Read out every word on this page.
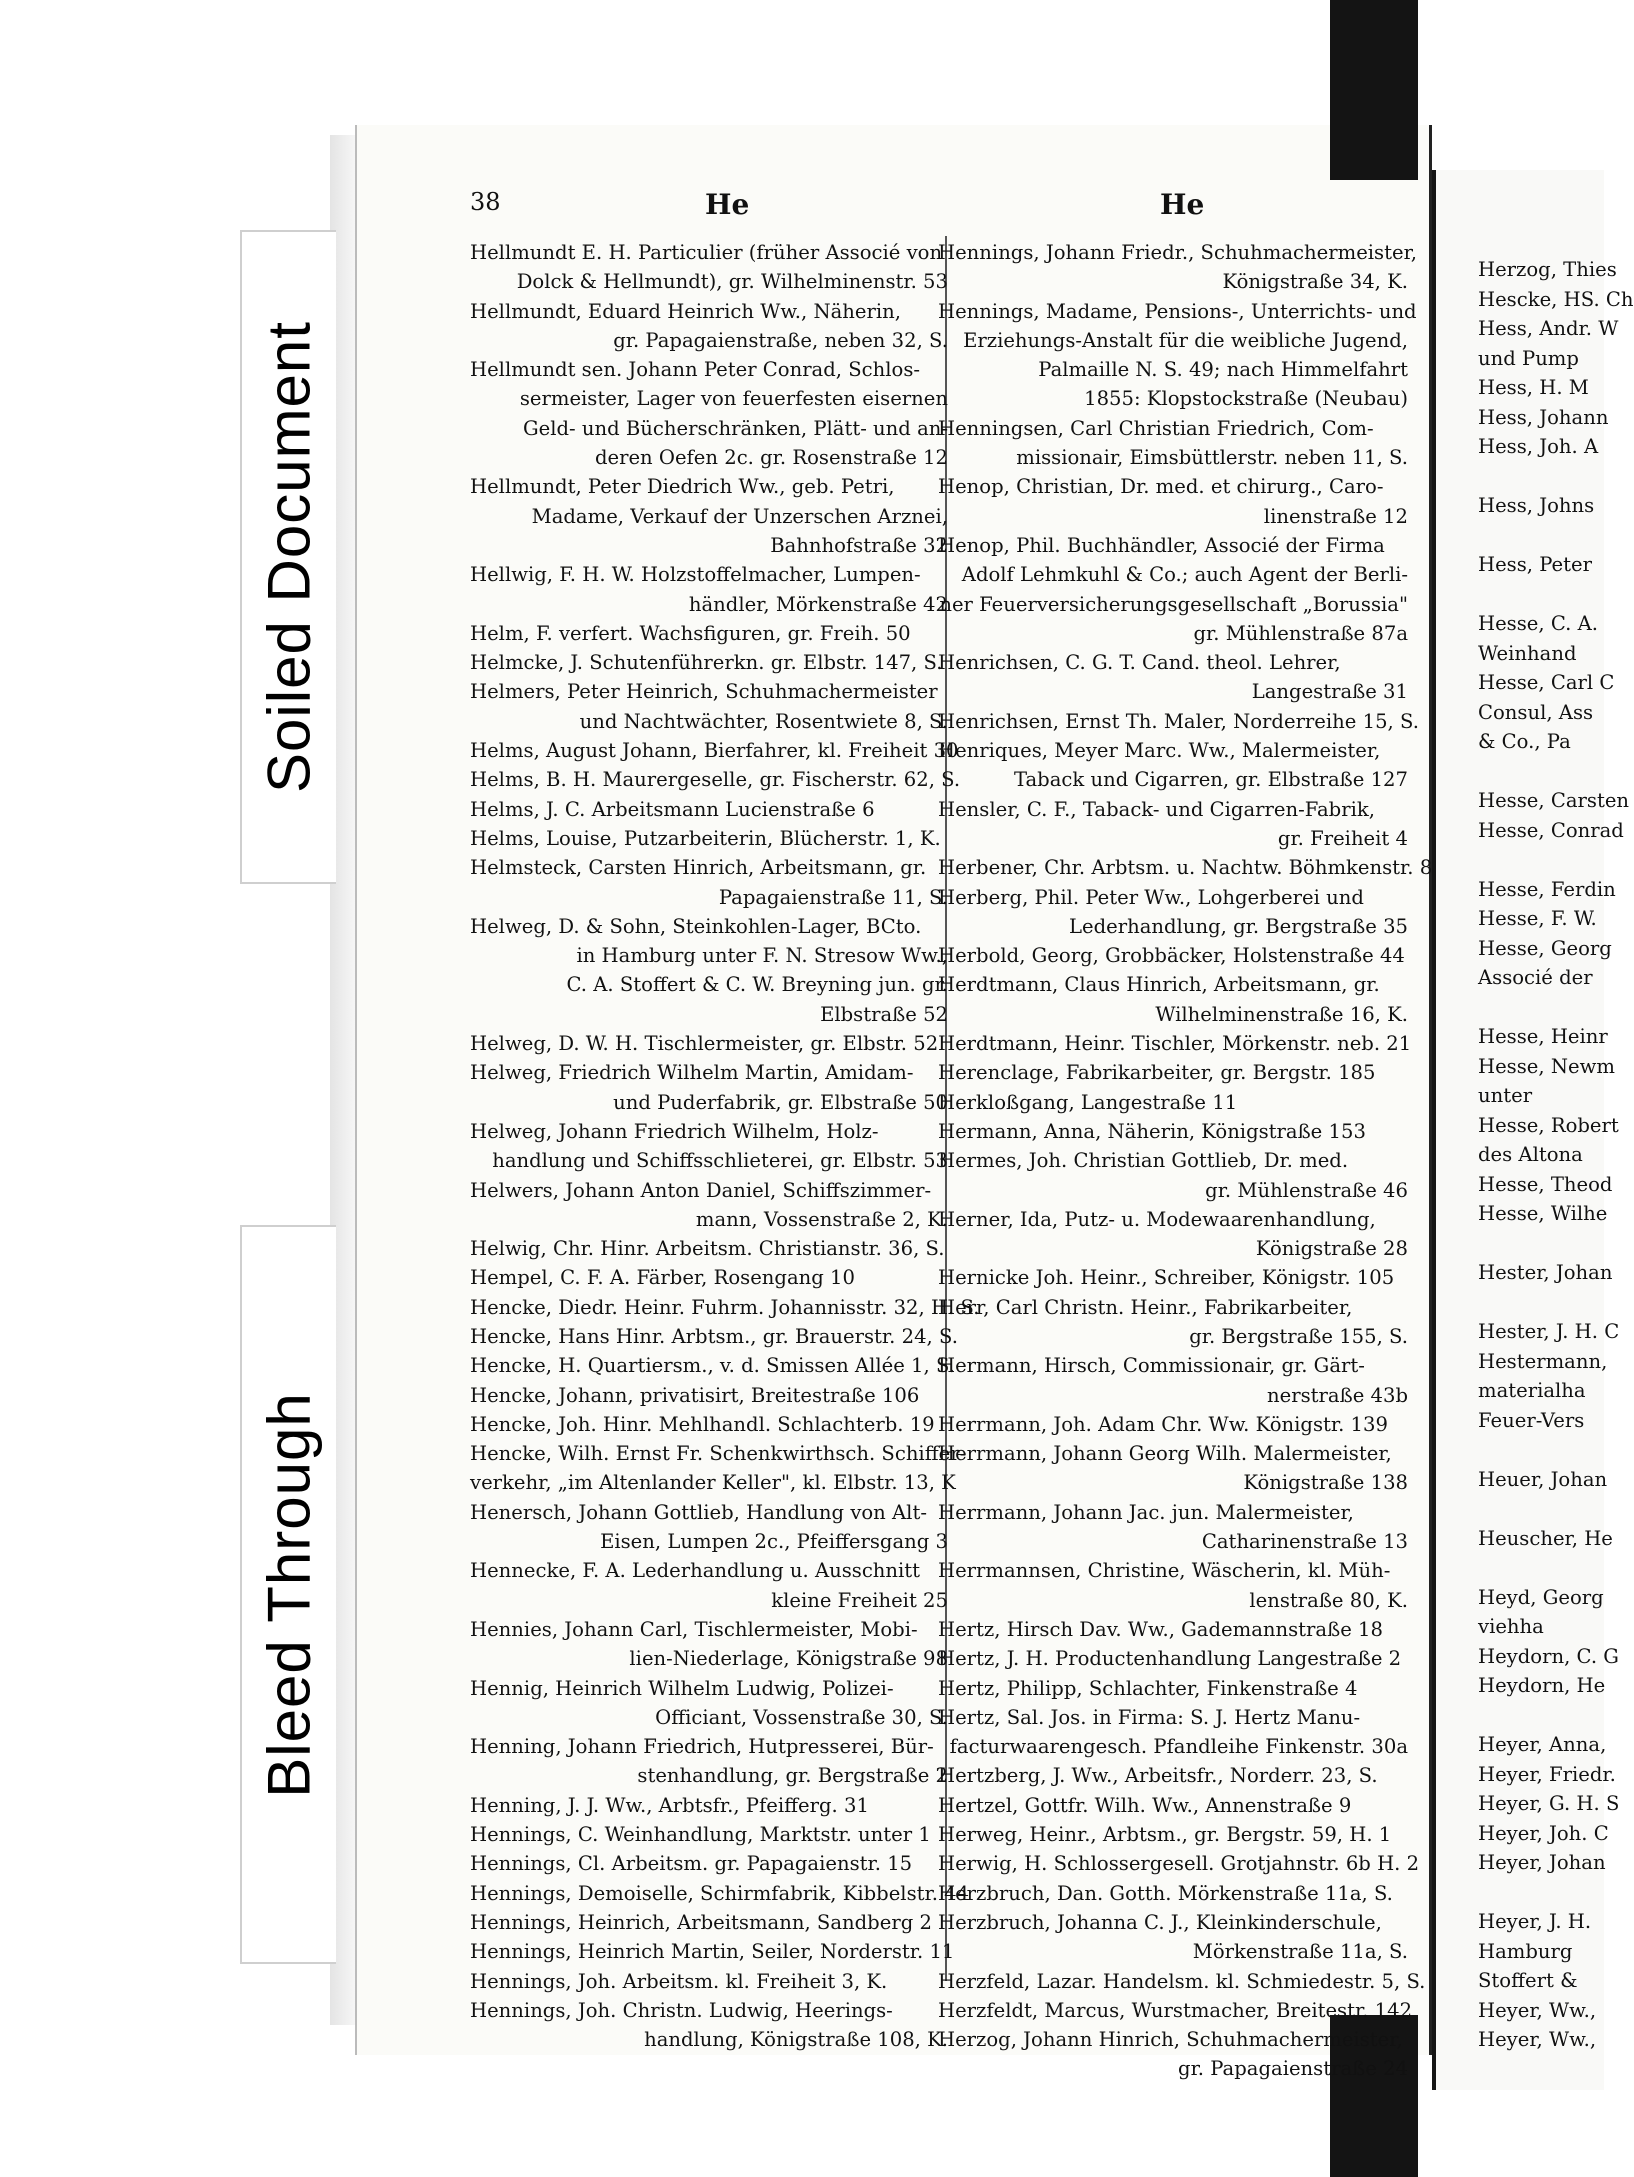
Soiled Document
Bleed Through
38	He	He
Hellmundt E. H. Particulier (früher Associé von
Dolck & Hellmundt), gr. Wilhelminenstr. 53
Hellmundt, Eduard Heinrich Ww., Näherin,
gr. Papagaienstraße, neben 32, S.
Hellmundt sen. Johann Peter Conrad, Schlos-
sermeister, Lager von feuerfesten eisernen
Geld- und Bücherschränken, Plätt- und an-
deren Oefen 2c. gr. Rosenstraße 12
Hellmundt, Peter Diedrich Ww., geb. Petri,
Madame, Verkauf der Unzerschen Arznei,
Bahnhofstraße 32
Hellwig, F. H. W. Holzstoffelmacher, Lumpen-
händler, Mörkenstraße 42
Helm, F. verfert. Wachsfiguren, gr. Freih. 50
Helmcke, J. Schutenführerkn. gr. Elbstr. 147, S.
Helmers, Peter Heinrich, Schuhmachermeister
und Nachtwächter, Rosentwiete 8, S.
Helms, August Johann, Bierfahrer, kl. Freiheit 30
Helms, B. H. Maurergeselle, gr. Fischerstr. 62, S.
Helms, J. C. Arbeitsmann Lucienstraße 6
Helms, Louise, Putzarbeiterin, Blücherstr. 1, K.
Helmsteck, Carsten Hinrich, Arbeitsmann, gr.
Papagaienstraße 11, S.
Helweg, D. & Sohn, Steinkohlen-Lager, BCto.
in Hamburg unter F. N. Stresow Ww.,
C. A. Stoffert & C. W. Breyning jun. gr.
Elbstraße 52
Helweg, D. W. H. Tischlermeister, gr. Elbstr. 52
Helweg, Friedrich Wilhelm Martin, Amidam-
und Puderfabrik, gr. Elbstraße 50
Helweg, Johann Friedrich Wilhelm, Holz-
handlung und Schiffsschlieterei, gr. Elbstr. 53
Helwers, Johann Anton Daniel, Schiffszimmer-
mann, Vossenstraße 2, K.
Helwig, Chr. Hinr. Arbeitsm. Christianstr. 36, S.
Hempel, C. F. A. Färber, Rosengang 10
Hencke, Diedr. Heinr. Fuhrm. Johannisstr. 32, H. S.
Hencke, Hans Hinr. Arbtsm., gr. Brauerstr. 24, S.
Hencke, H. Quartiersm., v. d. Smissen Allée 1, S.
Hencke, Johann, privatisirt, Breitestraße 106
Hencke, Joh. Hinr. Mehlhandl. Schlachterb. 19
Hencke, Wilh. Ernst Fr. Schenkwirthsch. Schiffer-
verkehr, „im Altenlander Keller", kl. Elbstr. 13, K
Henersch, Johann Gottlieb, Handlung von Alt-
Eisen, Lumpen 2c., Pfeiffersgang 3
Hennecke, F. A. Lederhandlung u. Ausschnitt
kleine Freiheit 25
Hennies, Johann Carl, Tischlermeister, Mobi-
lien-Niederlage, Königstraße 98
Hennig, Heinrich Wilhelm Ludwig, Polizei-
Officiant, Vossenstraße 30, S.
Henning, Johann Friedrich, Hutpresserei, Bür-
stenhandlung, gr. Bergstraße 2
Henning, J. J. Ww., Arbtsfr., Pfeifferg. 31
Hennings, C. Weinhandlung, Marktstr. unter 1
Hennings, Cl. Arbeitsm. gr. Papagaienstr. 15
Hennings, Demoiselle, Schirmfabrik, Kibbelstr. 44
Hennings, Heinrich, Arbeitsmann, Sandberg 2
Hennings, Heinrich Martin, Seiler, Norderstr. 11
Hennings, Joh. Arbeitsm. kl. Freiheit 3, K.
Hennings, Joh. Christn. Ludwig, Heerings-
handlung, Königstraße 108, K.
Hennings, Johann Friedr., Schuhmachermeister,
Königstraße 34, K.
Hennings, Madame, Pensions-, Unterrichts- und
Erziehungs-Anstalt für die weibliche Jugend,
Palmaille N. S. 49; nach Himmelfahrt
1855: Klopstockstraße (Neubau)
Henningsen, Carl Christian Friedrich, Com-
missionair, Eimsbüttlerstr. neben 11, S.
Henop, Christian, Dr. med. et chirurg., Caro-
linenstraße 12
Henop, Phil. Buchhändler, Associé der Firma
Adolf Lehmkuhl & Co.; auch Agent der Berli-
ner Feuerversicherungsgesellschaft „Borussia"
gr. Mühlenstraße 87a
Henrichsen, C. G. T. Cand. theol. Lehrer,
Langestraße 31
Henrichsen, Ernst Th. Maler, Norderreihe 15, S.
Henriques, Meyer Marc. Ww., Malermeister,
Taback und Cigarren, gr. Elbstraße 127
Hensler, C. F., Taback- und Cigarren-Fabrik,
gr. Freiheit 4
Herbener, Chr. Arbtsm. u. Nachtw. Böhmkenstr. 8
Herberg, Phil. Peter Ww., Lohgerberei und
Lederhandlung, gr. Bergstraße 35
Herbold, Georg, Grobbäcker, Holstenstraße 44
Herdtmann, Claus Hinrich, Arbeitsmann, gr.
Wilhelminenstraße 16, K.
Herdtmann, Heinr. Tischler, Mörkenstr. neb. 21
Herenclage, Fabrikarbeiter, gr. Bergstr. 185
Herkloßgang, Langestraße 11
Hermann, Anna, Näherin, Königstraße 153
Hermes, Joh. Christian Gottlieb, Dr. med.
gr. Mühlenstraße 46
Herner, Ida, Putz- u. Modewaarenhandlung,
Königstraße 28
Hernicke Joh. Heinr., Schreiber, Königstr. 105
Herr, Carl Christn. Heinr., Fabrikarbeiter,
gr. Bergstraße 155, S.
Hermann, Hirsch, Commissionair, gr. Gärt-
nerstraße 43b
Herrmann, Joh. Adam Chr. Ww. Königstr. 139
Herrmann, Johann Georg Wilh. Malermeister,
Königstraße 138
Herrmann, Johann Jac. jun. Malermeister,
Catharinenstraße 13
Herrmannsen, Christine, Wäscherin, kl. Müh-
lenstraße 80, K.
Hertz, Hirsch Dav. Ww., Gademannstraße 18
Hertz, J. H. Productenhandlung Langestraße 2
Hertz, Philipp, Schlachter, Finkenstraße 4
Hertz, Sal. Jos. in Firma: S. J. Hertz Manu-
facturwaarengesch. Pfandleihe Finkenstr. 30a
Hertzberg, J. Ww., Arbeitsfr., Norderr. 23, S.
Hertzel, Gottfr. Wilh. Ww., Annenstraße 9
Herweg, Heinr., Arbtsm., gr. Bergstr. 59, H. 1
Herwig, H. Schlossergesell. Grotjahnstr. 6b H. 2
Herzbruch, Dan. Gotth. Mörkenstraße 11a, S.
Herzbruch, Johanna C. J., Kleinkinderschule,
Mörkenstraße 11a, S.
Herzfeld, Lazar. Handelsm. kl. Schmiedestr. 5, S.
Herzfeldt, Marcus, Wurstmacher, Breitestr. 142
Herzog, Johann Hinrich, Schuhmachermeister,
gr. Papagaienstraße 24
Herzog, Thies
Hescke, HS. Ch
Hess, Andr. W
und Pump
Hess, H. M
Hess, Johann
Hess, Joh. A

Hess, Johns

Hess, Peter

Hesse, C. A.
Weinhand
Hesse, Carl C
Consul, Ass
& Co., Pa

Hesse, Carsten
Hesse, Conrad

Hesse, Ferdin
Hesse, F. W.
Hesse, Georg
Associé der

Hesse, Heinr
Hesse, Newm
unter
Hesse, Robert
des Altona
Hesse, Theod
Hesse, Wilhe

Hester, Johan

Hester, J. H. C
Hestermann,
materialha
Feuer-Vers

Heuer, Johan

Heuscher, He

Heyd, Georg
viehha
Heydorn, C. G
Heydorn, He

Heyer, Anna,
Heyer, Friedr.
Heyer, G. H. S
Heyer, Joh. C
Heyer, Johan

Heyer, J. H.
Hamburg
Stoffert &
Heyer, Ww.,
Heyer, Ww.,
